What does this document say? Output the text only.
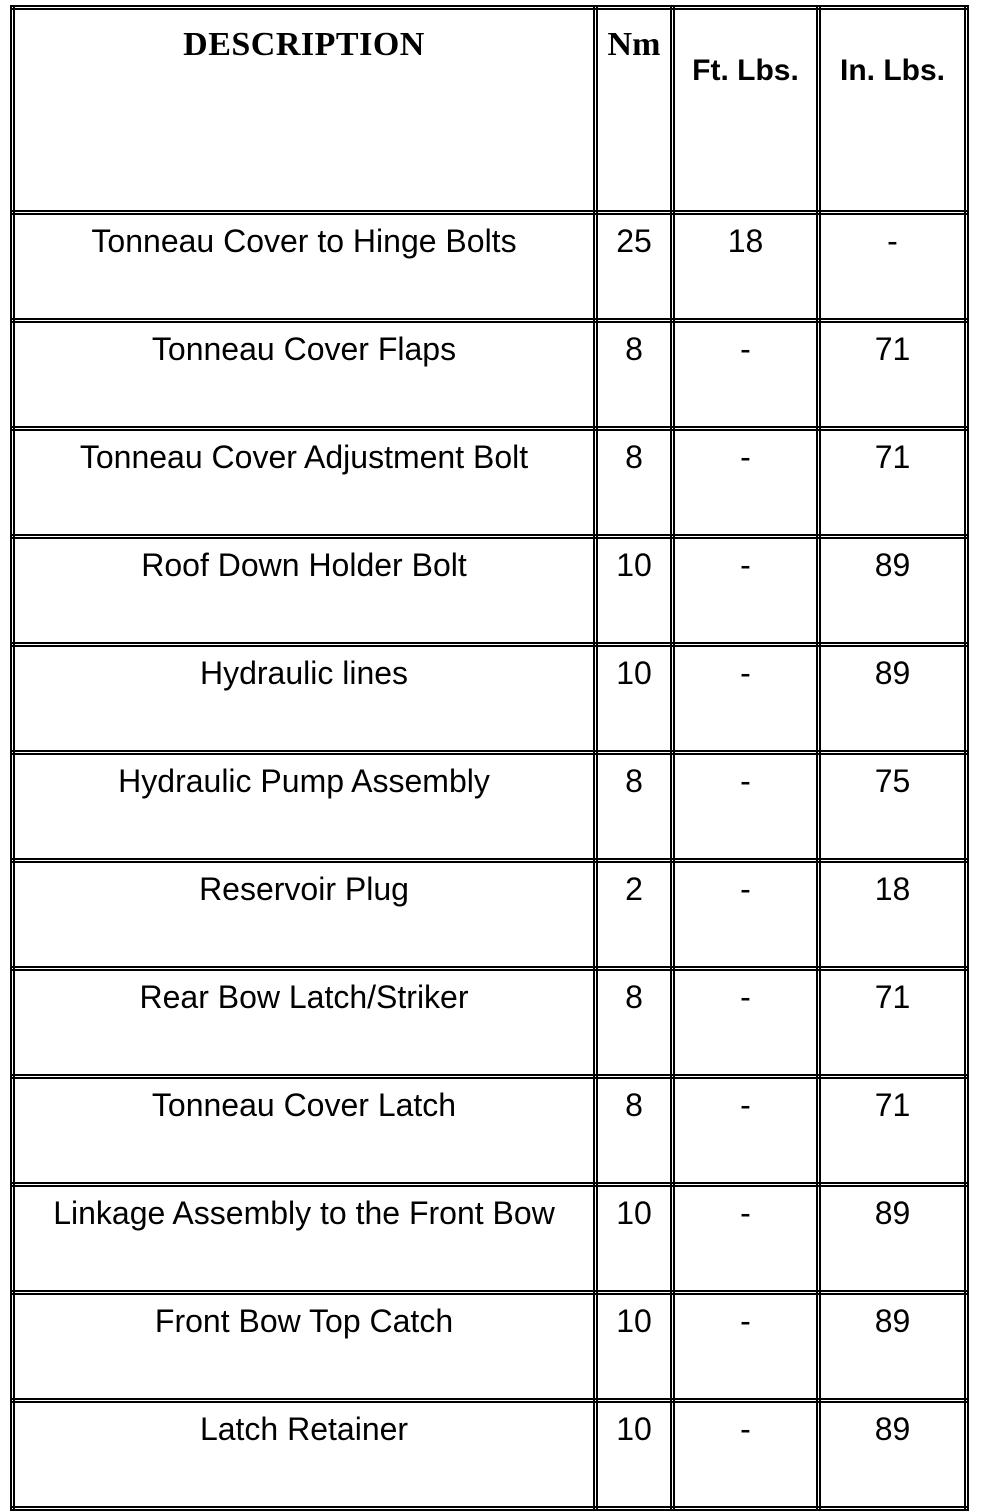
DESCRIPTION	Nm	Ft. Lbs.	In. Lbs.
Tonneau Cover to Hinge Bolts	25	18	-
Tonneau Cover Flaps	8	-	71
Tonneau Cover Adjustment Bolt	8	-	71
Roof Down Holder Bolt	10	-	89
Hydraulic lines	10	-	89
Hydraulic Pump Assembly	8	-	75
Reservoir Plug	2	-	18
Rear Bow Latch/Striker	8	-	71
Tonneau Cover Latch	8	-	71
Linkage Assembly to the Front Bow	10	-	89
Front Bow Top Catch	10	-	89
Latch Retainer	10	-	89
